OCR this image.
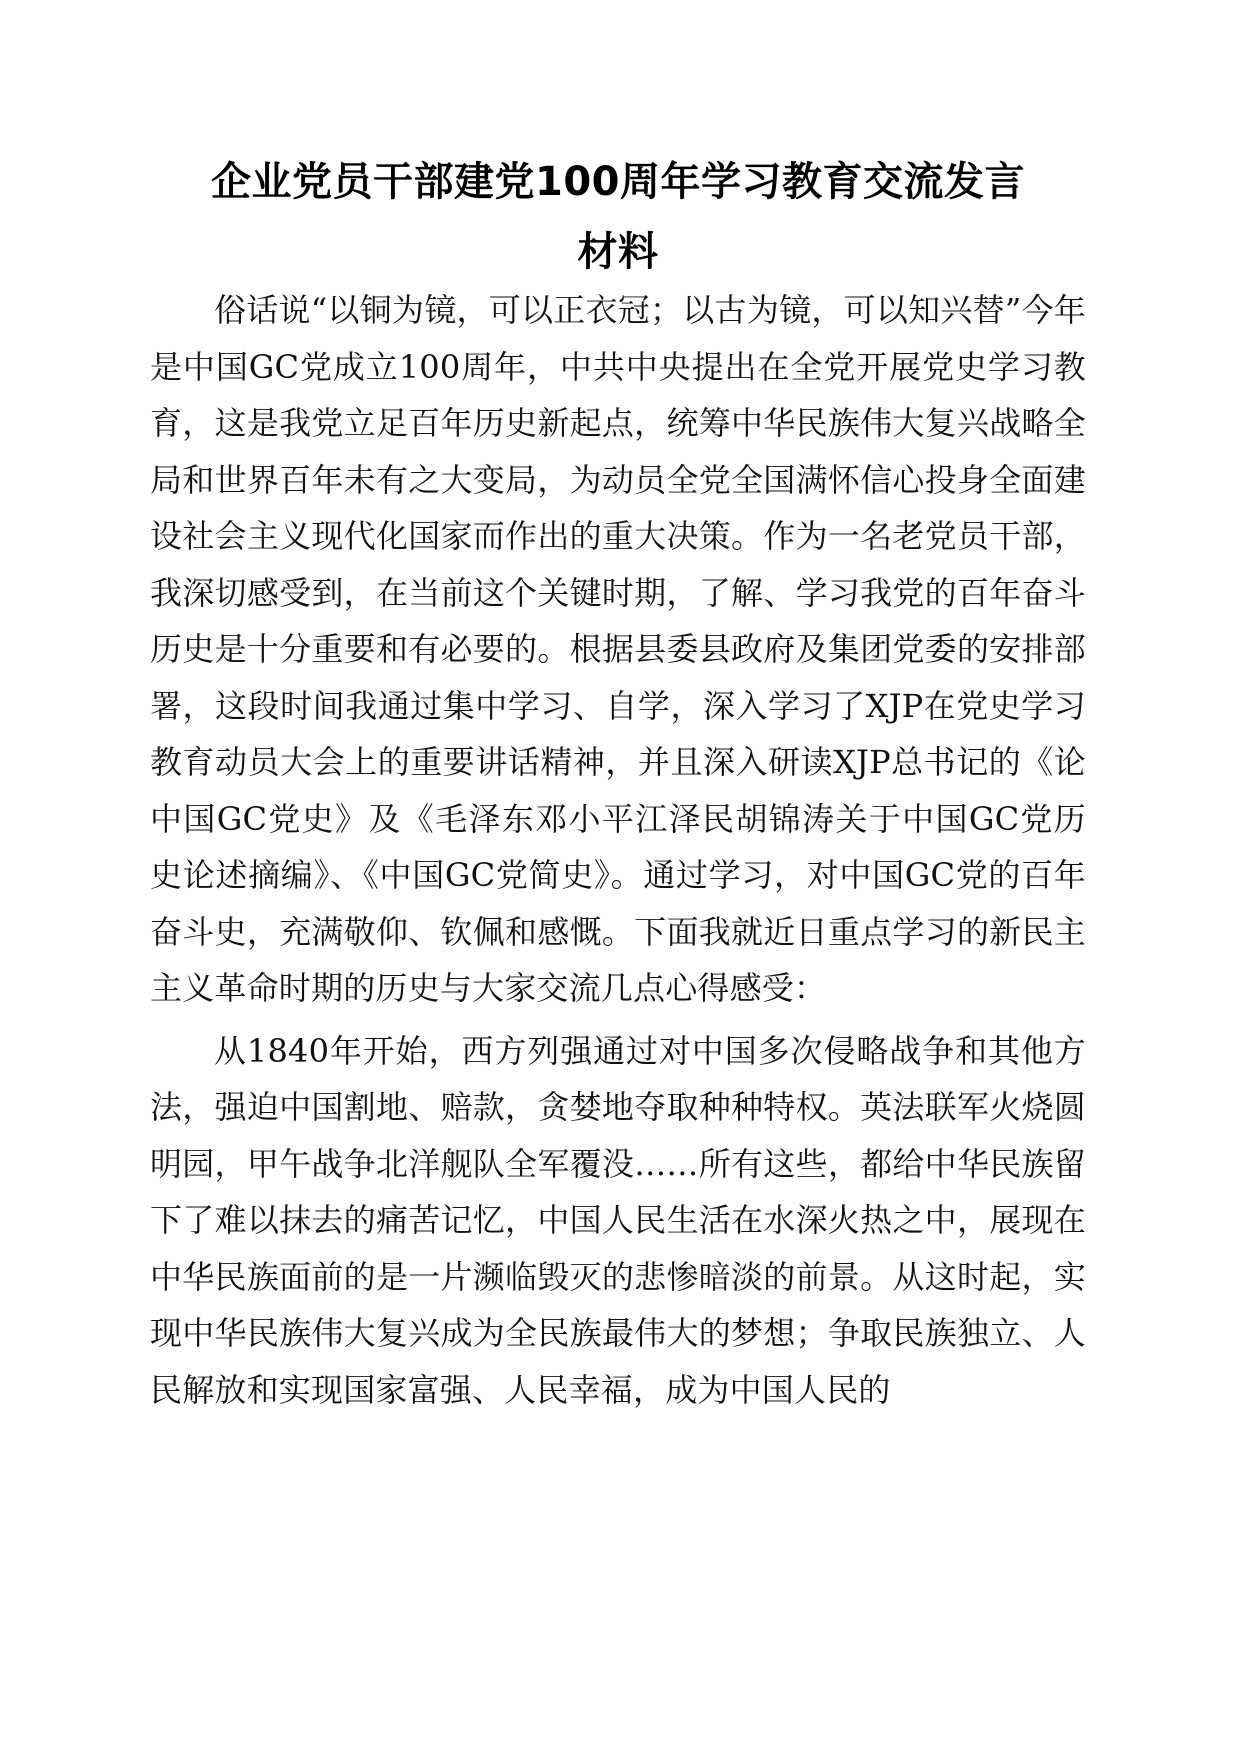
企业党员干部建党100周年学习教育交流发言
材料

俗话说“以铜为镜，可以正衣冠；以古为镜，可以知兴替”今年是中国GC党成立100周年，中共中央提出在全党开展党史学习教育，这是我党立足百年历史新起点，统筹中华民族伟大复兴战略全局和世界百年未有之大变局，为动员全党全国满怀信心投身全面建设社会主义现代化国家而作出的重大决策。作为一名老党员干部，我深切感受到，在当前这个关键时期，了解、学习我党的百年奋斗历史是十分重要和有必要的。根据县委县政府及集团党委的安排部署，这段时间我通过集中学习、自学，深入学习了XJP在党史学习教育动员大会上的重要讲话精神，并且深入研读XJP总书记的《论中国GC党史》及《毛泽东邓小平江泽民胡锦涛关于中国GC党历史论述摘编》、《中国GC党简史》。通过学习，对中国GC党的百年奋斗史，充满敬仰、钦佩和感慨。下面我就近日重点学习的新民主主义革命时期的历史与大家交流几点心得感受：

从1840年开始，西方列强通过对中国多次侵略战争和其他方法，强迫中国割地、赔款，贪婪地夺取种种特权。英法联军火烧圆明园，甲午战争北洋舰队全军覆没……所有这些，都给中华民族留下了难以抹去的痛苦记忆，中国人民生活在水深火热之中，展现在中华民族面前的是一片濒临毁灭的悲惨暗淡的前景。从这时起，实现中华民族伟大复兴成为全民族最伟大的梦想；争取民族独立、人民解放和实现国家富强、人民幸福，成为中国人民的
